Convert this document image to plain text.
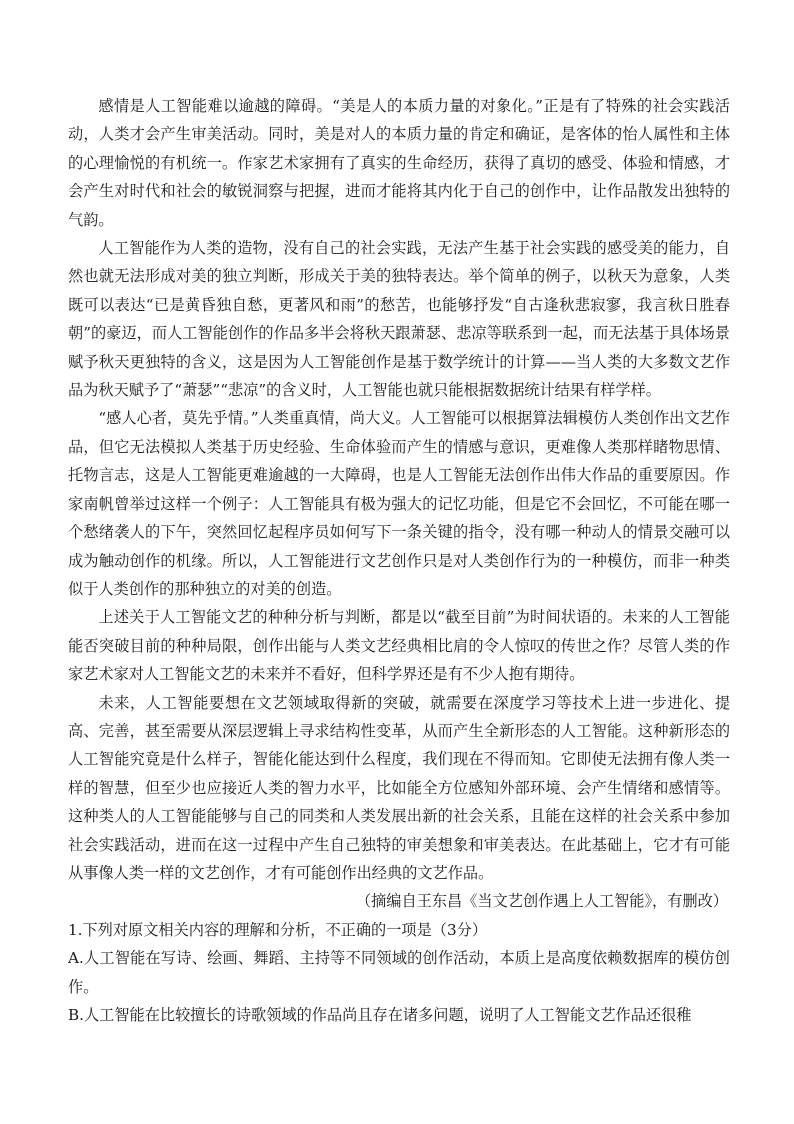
感情是人工智能难以逾越的障碍。“美是人的本质力量的对象化。”正是有了特殊的社会实践活动，人类才会产生审美活动。同时，美是对人的本质力量的肯定和确证，是客体的怡人属性和主体的心理愉悦的有机统一。作家艺术家拥有了真实的生命经历，获得了真切的感受、体验和情感，才会产生对时代和社会的敏锐洞察与把握，进而才能将其内化于自己的创作中，让作品散发出独特的气韵。

人工智能作为人类的造物，没有自己的社会实践，无法产生基于社会实践的感受美的能力，自然也就无法形成对美的独立判断，形成关于美的独特表达。举个简单的例子，以秋天为意象，人类既可以表达“已是黄昏独自愁，更著风和雨”的愁苦，也能够抒发“自古逢秋悲寂寥，我言秋日胜春朝”的豪迈，而人工智能创作的作品多半会将秋天跟萧瑟、悲凉等联系到一起，而无法基于具体场景赋予秋天更独特的含义，这是因为人工智能创作是基于数学统计的计算——当人类的大多数文艺作品为秋天赋予了“萧瑟”“悲凉”的含义时，人工智能也就只能根据数据统计结果有样学样。

“感人心者，莫先乎情。”人类重真情，尚大义。人工智能可以根据算法辑模仿人类创作出文艺作品，但它无法模拟人类基于历史经验、生命体验而产生的情感与意识，更难像人类那样睹物思情、托物言志，这是人工智能更难逾越的一大障碍，也是人工智能无法创作出伟大作品的重要原因。作家南帆曾举过这样一个例子：人工智能具有极为强大的记忆功能，但是它不会回忆，不可能在哪一个愁绪袭人的下午，突然回忆起程序员如何写下一条关键的指令，没有哪一种动人的情景交融可以成为触动创作的机缘。所以，人工智能进行文艺创作只是对人类创作行为的一种模仿，而非一种类似于人类创作的那种独立的对美的创造。

上述关于人工智能文艺的种种分析与判断，都是以“截至目前”为时间状语的。未来的人工智能能否突破目前的种种局限，创作出能与人类文艺经典相比肩的令人惊叹的传世之作？尽管人类的作家艺术家对人工智能文艺的未来并不看好，但科学界还是有不少人抱有期待。

未来，人工智能要想在文艺领域取得新的突破，就需要在深度学习等技术上进一步进化、提高、完善，甚至需要从深层逻辑上寻求结构性变革，从而产生全新形态的人工智能。这种新形态的人工智能究竟是什么样子，智能化能达到什么程度，我们现在不得而知。它即使无法拥有像人类一样的智慧，但至少也应接近人类的智力水平，比如能全方位感知外部环境、会产生情绪和感情等。这种类人的人工智能能够与自己的同类和人类发展出新的社会关系，且能在这样的社会关系中参加社会实践活动，进而在这一过程中产生自己独特的审美想象和审美表达。在此基础上，它才有可能从事像人类一样的文艺创作，才有可能创作出经典的文艺作品。

（摘编自王东昌《当文艺创作遇上人工智能》，有删改）

1.下列对原文相关内容的理解和分析，不正确的一项是（3分）

A.人工智能在写诗、绘画、舞蹈、主持等不同领域的创作活动，本质上是高度依赖数据库的模仿创作。

B.人工智能在比较擅长的诗歌领域的作品尚且存在诸多问题，说明了人工智能文艺作品还很稚
